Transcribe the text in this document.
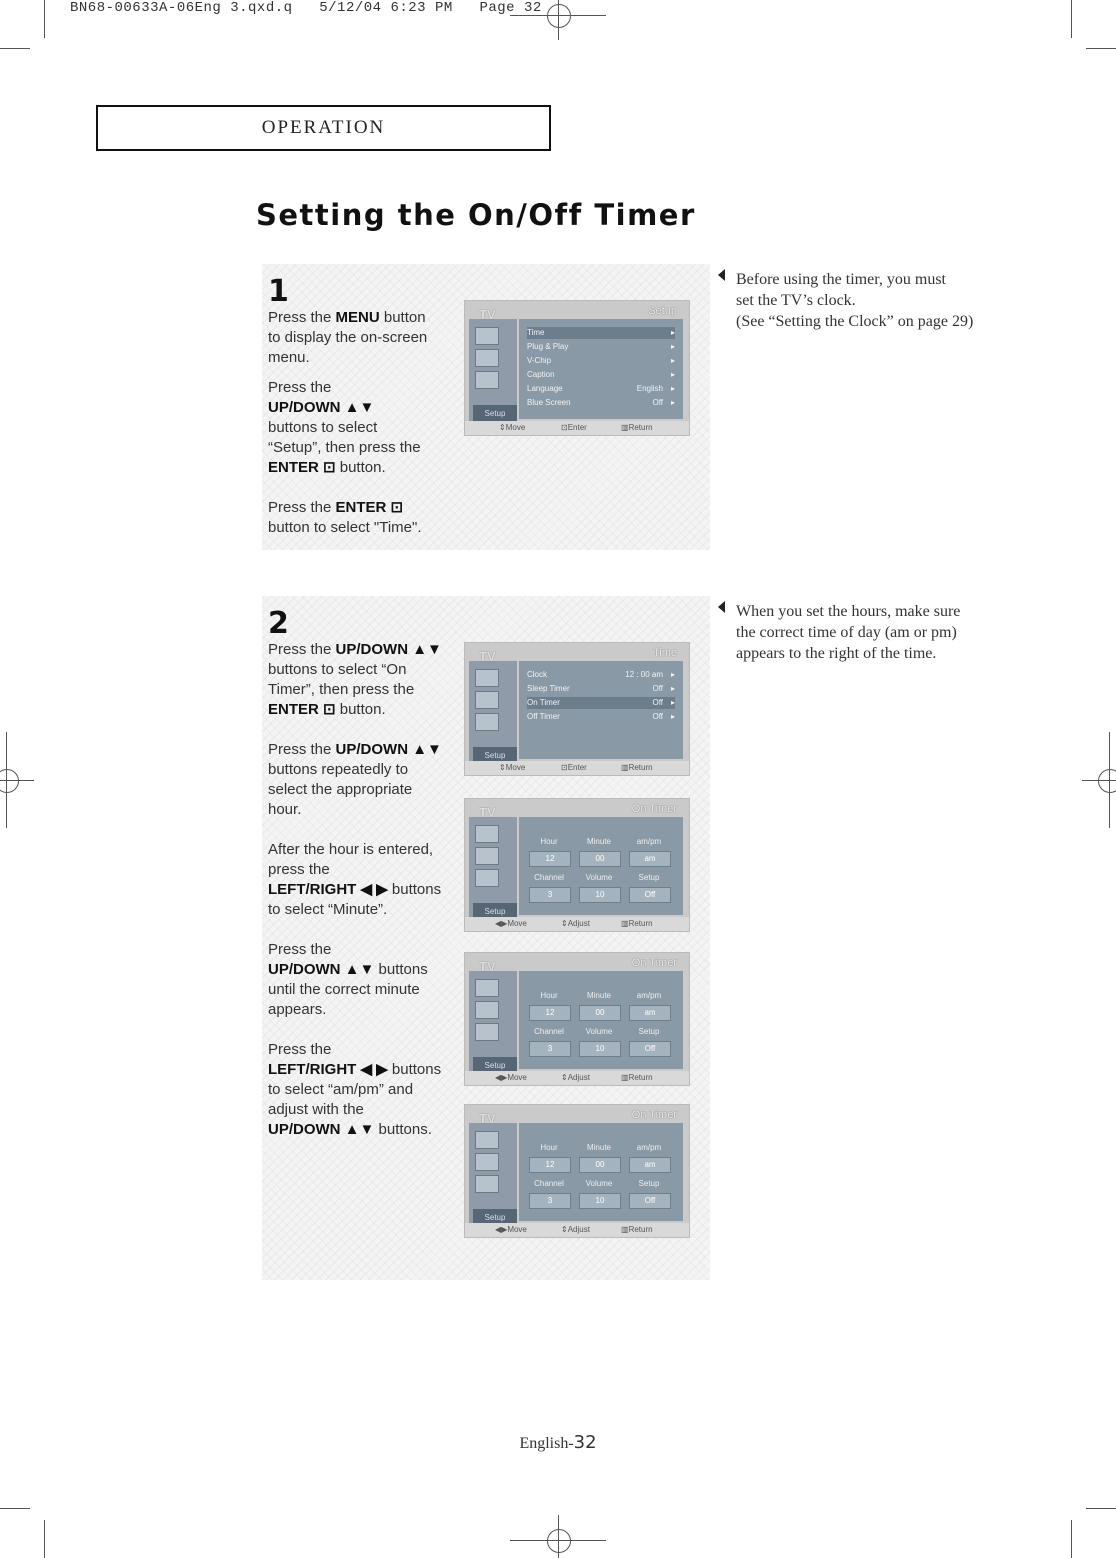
BN68-00633A-06Eng 3.qxd.q   5/12/04 6:23 PM   Page 32
OPERATION
Setting the On/Off Timer
1
Press the MENU button
to display the on-screen
menu.
Press the
UP/DOWN ▲▼
buttons to select
“Setup”, then press the
ENTER ⊡ button.
Press the ENTER ⊡
button to select "Time".
Setup
TV	Setup
Time	▸
Plug & Play	▸
V-Chip	▸
Caption	▸
Language	English ▸
Blue Screen	Off ▸
⇕ Move	⊡ Enter	▥ Return
Before using the timer, you must
set the TV’s clock.
(See “Setting the Clock” on page 29)
2
Press the UP/DOWN ▲▼
buttons to select “On
Timer”, then press the
ENTER ⊡ button.
Press the UP/DOWN ▲▼
buttons repeatedly to
select the appropriate
hour.
After the hour is entered,
press the
LEFT/RIGHT ◀ ▶ buttons
to select “Minute”.
Press the
UP/DOWN ▲▼ buttons
until the correct minute
appears.
Press the
LEFT/RIGHT ◀ ▶ buttons
to select “am/pm” and
adjust with the
UP/DOWN ▲▼ buttons.
Setup
TV	Time
Clock	12 : 00 am ▸
Sleep Timer	Off ▸
On Timer	Off ▸
Off Timer	Off ▸
⇕ Move	⊡ Enter	▥ Return
Setup
TV	On Timer
Hour	Minute	am/pm
12	00	am
Channel	Volume	Setup
3	10	Off
◀▶ Move	⇕ Adjust	▥ Return
Setup
TV	On Timer
Hour	Minute	am/pm
12	00	am
Channel	Volume	Setup
3	10	Off
◀▶ Move	⇕ Adjust	▥ Return
Setup
TV	On Timer
Hour	Minute	am/pm
12	00	am
Channel	Volume	Setup
3	10	Off
◀▶ Move	⇕ Adjust	▥ Return
When you set the hours, make sure
the correct time of day (am or pm)
appears to the right of the time.
English-32
